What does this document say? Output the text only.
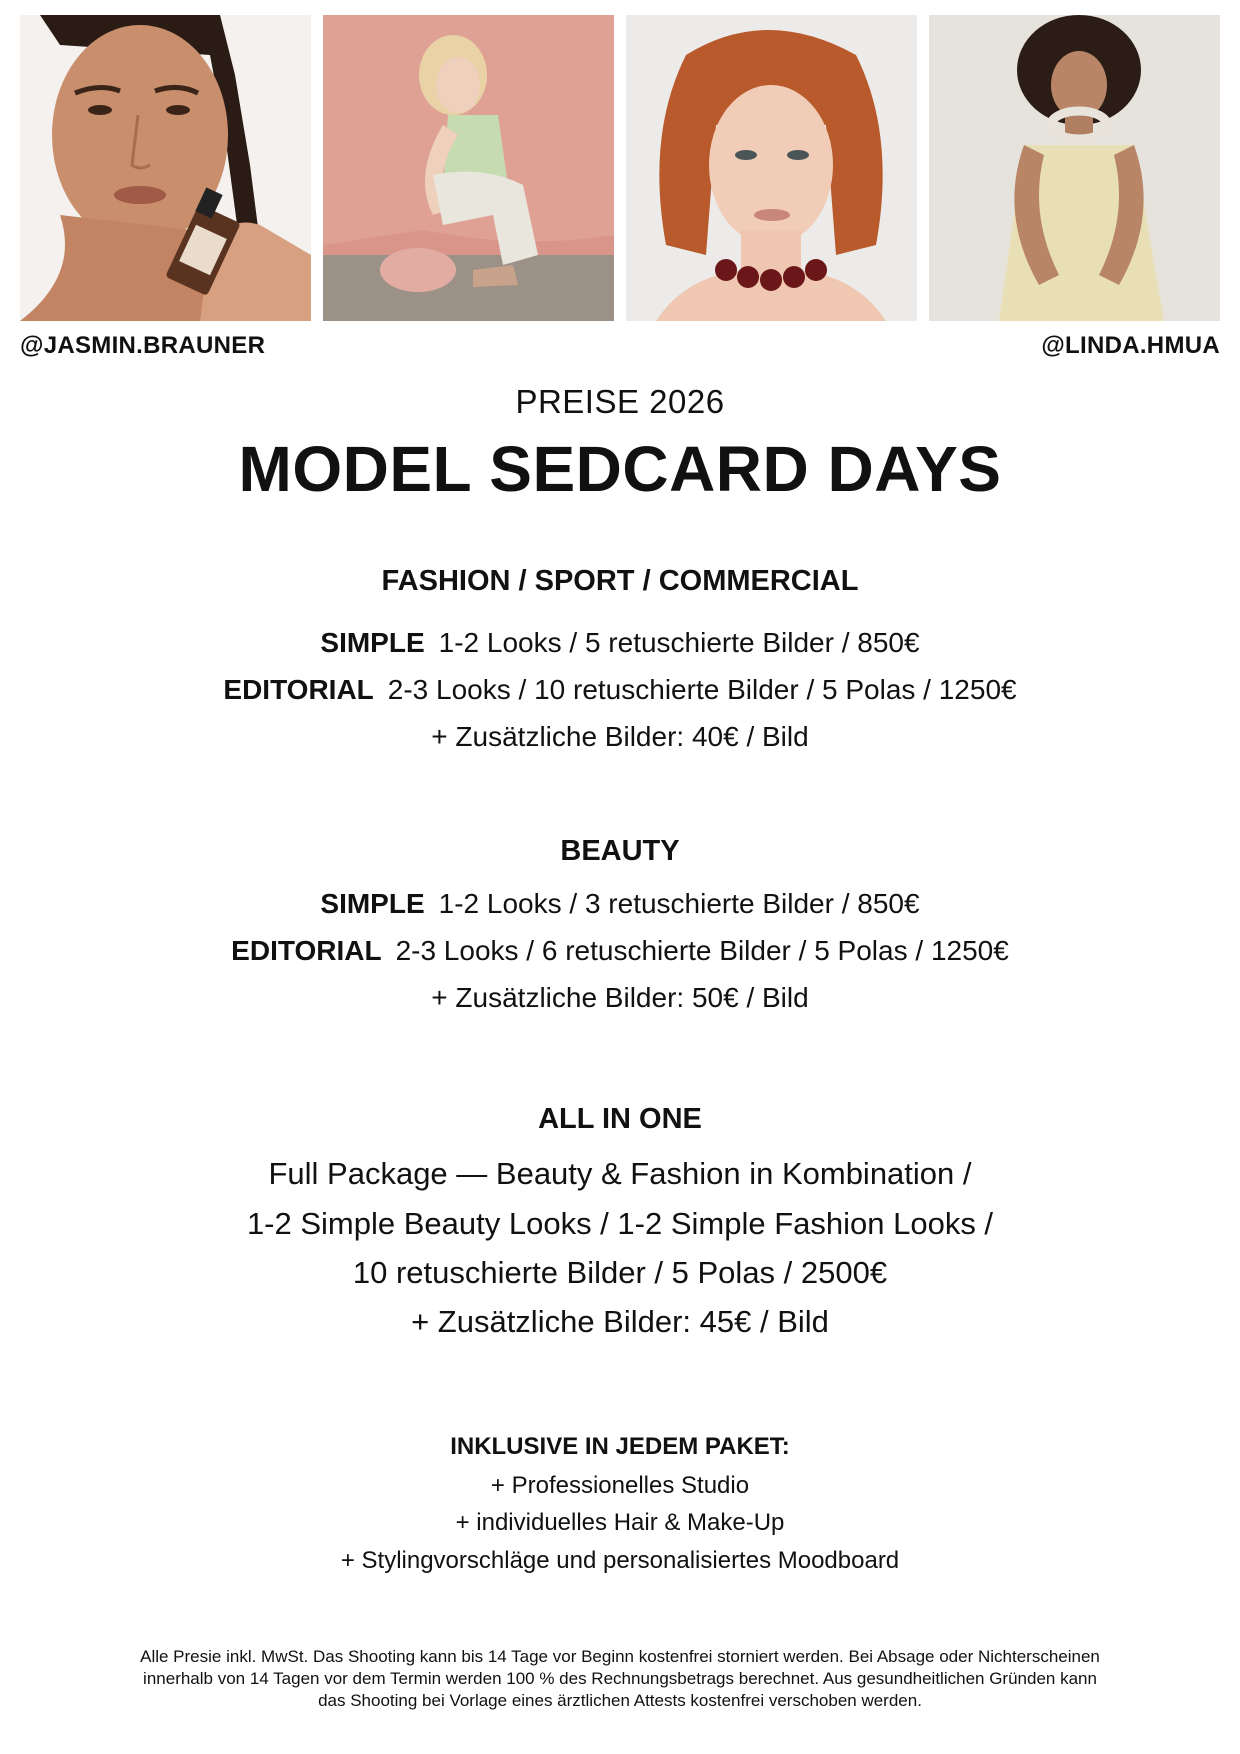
@JASMIN.BRAUNER	@LINDA.HMUA
PREISE 2026
MODEL SEDCARD DAYS
FASHION / SPORT / COMMERCIAL
SIMPLE 1-2 Looks / 5 retuschierte Bilder / 850€
EDITORIAL 2-3 Looks / 10 retuschierte Bilder / 5 Polas / 1250€
+ Zusätzliche Bilder: 40€ / Bild
BEAUTY
SIMPLE 1-2 Looks / 3 retuschierte Bilder / 850€
EDITORIAL 2-3 Looks / 6 retuschierte Bilder / 5 Polas / 1250€
+ Zusätzliche Bilder: 50€ / Bild
ALL IN ONE
Full Package — Beauty & Fashion in Kombination /
1-2 Simple Beauty Looks / 1-2 Simple Fashion Looks /
10 retuschierte Bilder / 5 Polas / 2500€
+ Zusätzliche Bilder: 45€ / Bild
INKLUSIVE IN JEDEM PAKET:
+ Professionelles Studio
+ individuelles Hair & Make-Up
+ Stylingvorschläge und personalisiertes Moodboard
Alle Presie inkl. MwSt. Das Shooting kann bis 14 Tage vor Beginn kostenfrei storniert werden. Bei Absage oder Nichterscheinen
innerhalb von 14 Tagen vor dem Termin werden 100 % des Rechnungsbetrags berechnet. Aus gesundheitlichen Gründen kann
das Shooting bei Vorlage eines ärztlichen Attests kostenfrei verschoben werden.
